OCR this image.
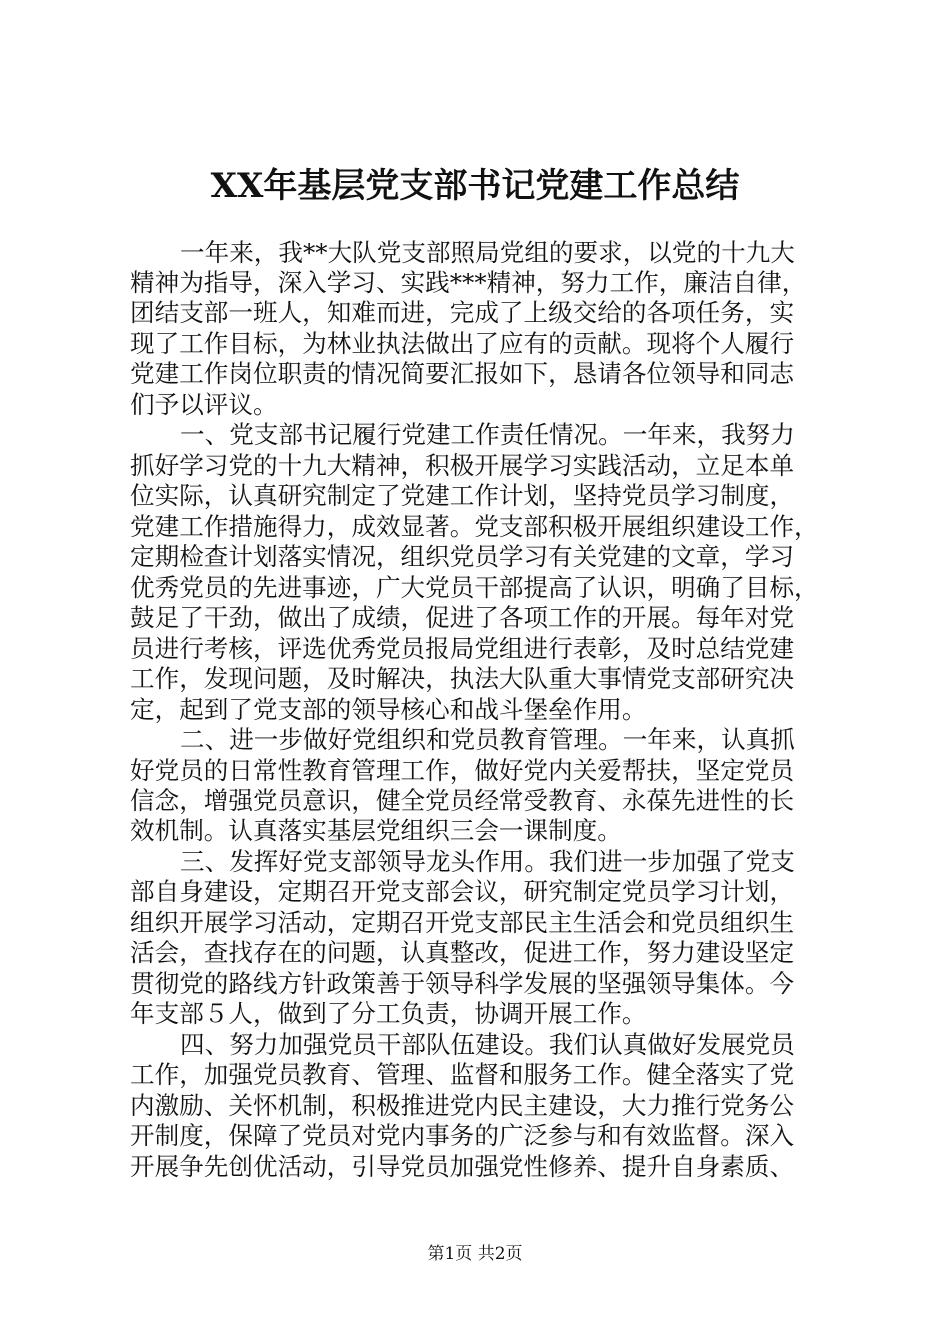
XX年基层党支部书记党建工作总结
一年来，我**大队党支部照局党组的要求，以党的十九大
精神为指导，深入学习、实践***精神，努力工作，廉洁自律，
团结支部一班人，知难而进，完成了上级交给的各项任务，实
现了工作目标，为林业执法做出了应有的贡献。现将个人履行
党建工作岗位职责的情况简要汇报如下，恳请各位领导和同志
们予以评议。
一、党支部书记履行党建工作责任情况。一年来，我努力
抓好学习党的十九大精神，积极开展学习实践活动，立足本单
位实际，认真研究制定了党建工作计划，坚持党员学习制度，
党建工作措施得力，成效显著。党支部积极开展组织建设工作，
定期检查计划落实情况，组织党员学习有关党建的文章，学习
优秀党员的先进事迹，广大党员干部提高了认识，明确了目标，
鼓足了干劲，做出了成绩，促进了各项工作的开展。每年对党
员进行考核，评选优秀党员报局党组进行表彰，及时总结党建
工作，发现问题，及时解决，执法大队重大事情党支部研究决
定，起到了党支部的领导核心和战斗堡垒作用。
二、进一步做好党组织和党员教育管理。一年来，认真抓
好党员的日常性教育管理工作，做好党内关爱帮扶，坚定党员
信念，增强党员意识，健全党员经常受教育、永葆先进性的长
效机制。认真落实基层党组织三会一课制度。
三、发挥好党支部领导龙头作用。我们进一步加强了党支
部自身建设，定期召开党支部会议，研究制定党员学习计划，
组织开展学习活动，定期召开党支部民主生活会和党员组织生
活会，查找存在的问题，认真整改，促进工作，努力建设坚定
贯彻党的路线方针政策善于领导科学发展的坚强领导集体。今
年支部５人，做到了分工负责，协调开展工作。
四、努力加强党员干部队伍建设。我们认真做好发展党员
工作，加强党员教育、管理、监督和服务工作。健全落实了党
内激励、关怀机制，积极推进党内民主建设，大力推行党务公
开制度，保障了党员对党内事务的广泛参与和有效监督。深入
开展争先创优活动，引导党员加强党性修养、提升自身素质、
第1页 共2页
